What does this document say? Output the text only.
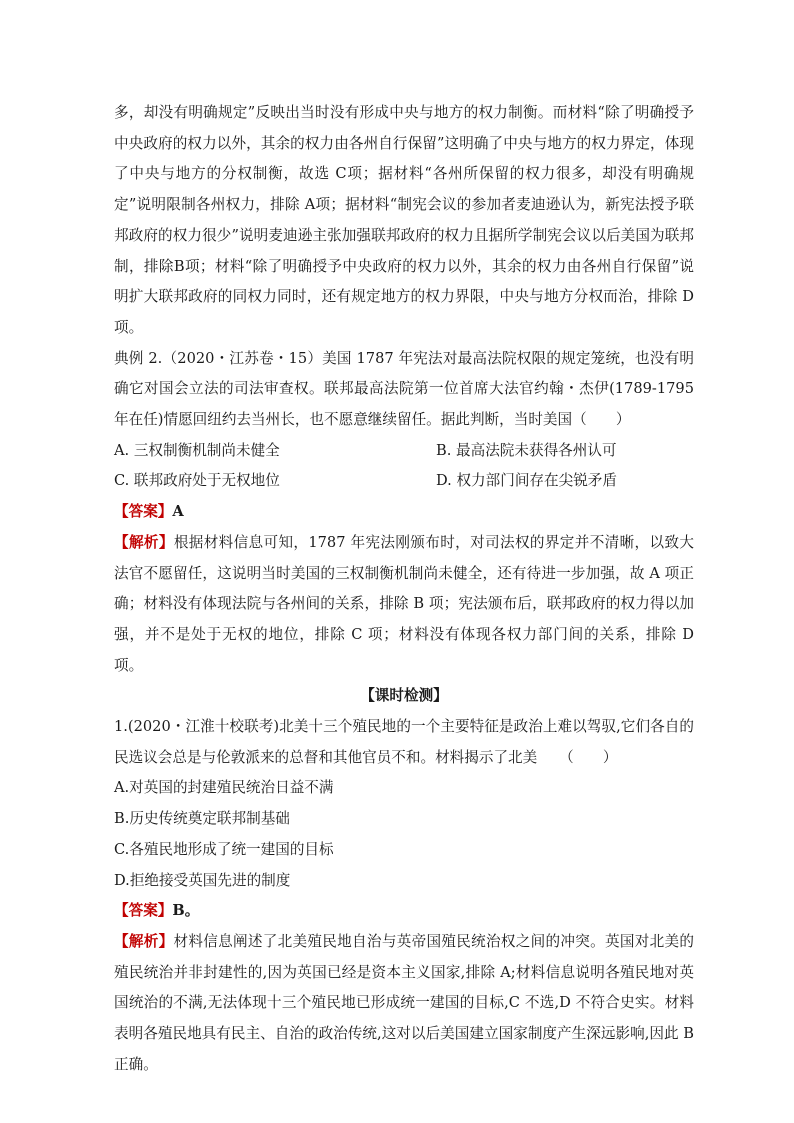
多，却没有明确规定”反映出当时没有形成中央与地方的权力制衡。而材料“除了明确授予中央政府的权力以外，其余的权力由各州自行保留”这明确了中央与地方的权力界定，体现了中央与地方的分权制衡，故选 C项；据材料“各州所保留的权力很多，却没有明确规定”说明限制各州权力，排除 A项；据材料“制宪会议的参加者麦迪逊认为，新宪法授予联邦政府的权力很少”说明麦迪逊主张加强联邦政府的权力且据所学制宪会议以后美国为联邦制，排除B项；材料“除了明确授予中央政府的权力以外，其余的权力由各州自行保留”说明扩大联邦政府的同权力同时，还有规定地方的权力界限，中央与地方分权而治，排除 D项。

典例 2.（2020・江苏卷・15）美国 1787 年宪法对最高法院权限的规定笼统，也没有明确它对国会立法的司法审查权。联邦最高法院第一位首席大法官约翰・杰伊(1789-1795 年在任)情愿回纽约去当州长，也不愿意继续留任。据此判断，当时美国（　　）

A. 三权制衡机制尚未健全	B. 最高法院未获得各州认可
C. 联邦政府处于无权地位	D. 权力部门间存在尖锐矛盾

【答案】A

【解析】根据材料信息可知，1787 年宪法刚颁布时，对司法权的界定并不清晰，以致大法官不愿留任，这说明当时美国的三权制衡机制尚未健全，还有待进一步加强，故 A 项正确；材料没有体现法院与各州间的关系，排除 B 项；宪法颁布后，联邦政府的权力得以加强，并不是处于无权的地位，排除 C 项；材料没有体现各权力部门间的关系，排除 D 项。

【课时检测】

1.(2020・江淮十校联考)北美十三个殖民地的一个主要特征是政治上难以驾驭,它们各自的民选议会总是与伦敦派来的总督和其他官员不和。材料揭示了北美　　（　　）

A.对英国的封建殖民统治日益不满

B.历史传统奠定联邦制基础

C.各殖民地形成了统一建国的目标

D.拒绝接受英国先进的制度

【答案】B。

【解析】材料信息阐述了北美殖民地自治与英帝国殖民统治权之间的冲突。英国对北美的殖民统治并非封建性的,因为英国已经是资本主义国家,排除 A;材料信息说明各殖民地对英国统治的不满,无法体现十三个殖民地已形成统一建国的目标,C 不选,D 不符合史实。材料表明各殖民地具有民主、自治的政治传统,这对以后美国建立国家制度产生深远影响,因此 B 正确。
